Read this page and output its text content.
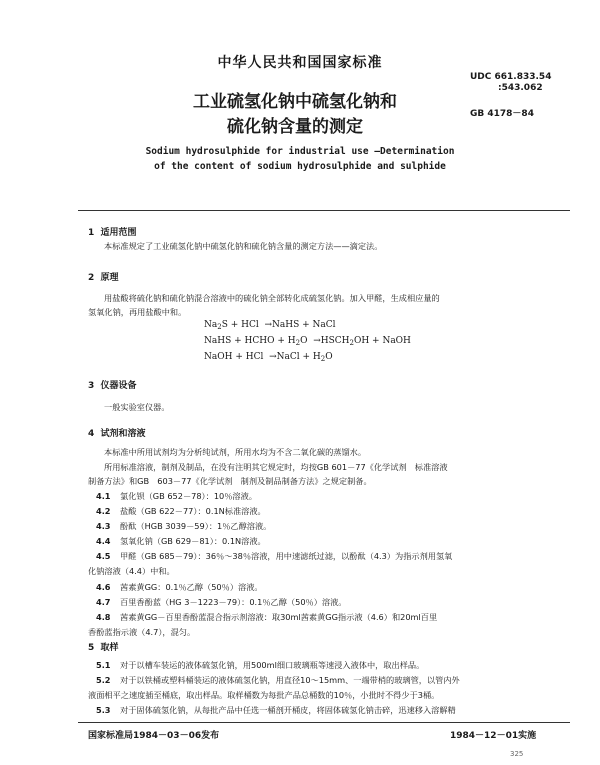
中华人民共和国国家标准
UDC 661.833.54
:543.062
GB 4178－84
工业硫氢化钠中硫氢化钠和
硫化钠含量的测定
Sodium hydrosulphide for industrial use —Determination
of the content of sodium hydrosulphide and sulphide
1 适用范围
本标准规定了工业硫氢化钠中硫氢化钠和硫化钠含量的测定方法——滴定法。
2 原理
用盐酸将硫化钠和硫化钠混合溶液中的硫化钠全部转化成硫氢化钠。加入甲醛，生成相应量的
氢氧化钠，再用盐酸中和。
$Na_2S$ + HCl →NaHS + NaCl
NaHS + HCHO + $H_2O$ $\to HSCH_2OH$ + NaOH
NaOH + HCl →NaCl + $H_2O$
3 仪器设备
一般实验室仪器。
4 试剂和溶液
本标准中所用试剂均为分析纯试剂，所用水均为不含二氧化碳的蒸馏水。
所用标准溶液，制剂及制品，在没有注明其它规定时，均按GB 601－77《化学试剂　标准溶液
制备方法》和GB　603－77《化学试剂　制剂及制品制备方法》之规定制备。
4.1 氯化钡（GB 652－78）：10％溶液。
4.2 盐酸（GB 622－77）：0.1N标准溶液。
4.3 酚酞（HGB 3039－59）：1％乙醇溶液。
4.4 氢氧化钠（GB 629－81）：0.1N溶液。
4.5 甲醛（GB 685－79）：36％～38％溶液，用中速滤纸过滤，以酚酞（4.3）为指示剂用氢氧
化钠溶液（4.4）中和。
4.6 茜素黄GG：0.1％乙醇（50％）溶液。
4.7 百里香酚蓝（HG 3－1223－79）：0.1％乙醇（50％）溶液。
4.8 茜素黄GG－百里香酚蓝混合指示剂溶液：取30ml茜素黄GG指示液（4.6）和20ml百里
香酚蓝指示液（4.7），混匀。
5 取样
5.1 对于以槽车装运的液体硫氢化钠，用500ml细口玻璃瓶等速浸入液体中，取出样品。
5.2 对于以铁桶或塑料桶装运的液体硫氢化钠，用直径10～15mm、一端带梢的玻璃管，以管内外
液面相平之速度插至桶底，取出样品。取样桶数为每批产品总桶数的10％，小批时不得少于3桶。
5.3 对于固体硫氢化钠，从每批产品中任选一桶剖开桶皮，将固体硫氢化钠击碎，迅速移入溶解精
国家标准局1984－03－06发布	1984－12－01实施
325
